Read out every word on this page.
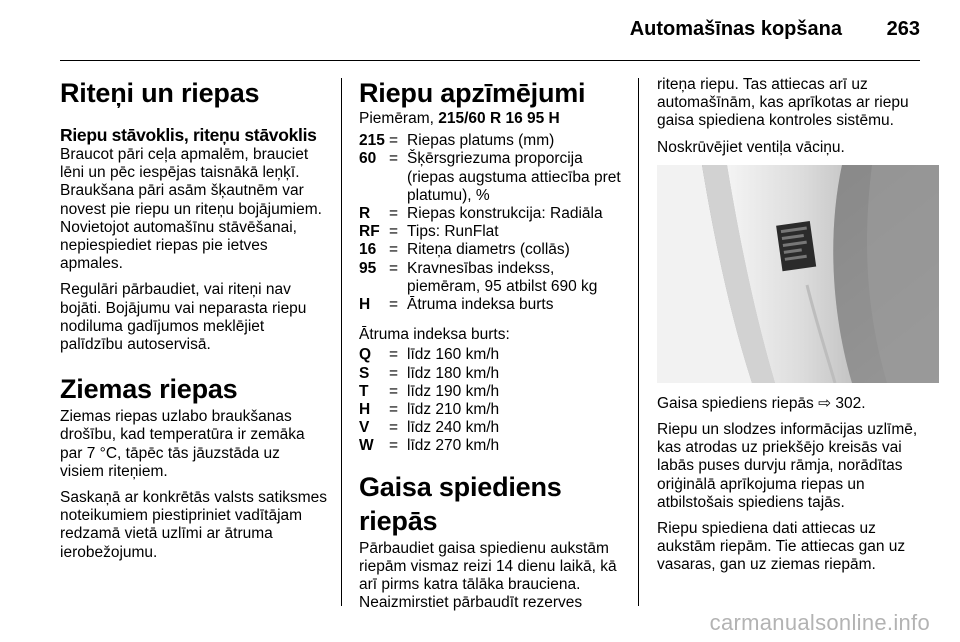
Automašīnas kopšana 263
Riteņi un riepas
Riepu stāvoklis, riteņu stāvoklis

Braucot pāri ceļa apmalēm, brauciet lēni un pēc iespējas taisnākā leņķī. Braukšana pāri asām šķautnēm var novest pie riepu un riteņu bojājumiem. Novietojot automašīnu stāvēšanai, nepiespiediet riepas pie ietves apmales.

Regulāri pārbaudiet, vai riteņi nav bojāti. Bojājumu vai neparasta riepu nodiluma gadījumos meklējiet palīdzību autoservisā.

Ziemas riepas

Ziemas riepas uzlabo braukšanas drošību, kad temperatūra ir zemāka par 7 °C, tāpēc tās jāuzstāda uz visiem riteņiem.

Saskaņā ar konkrētās valsts satiksmes noteikumiem piestipriniet vadītājam redzamā vietā uzlīmi ar ātruma ierobežojumu.

Riepu apzīmējumi

Piemēram, 215/60 R 16 95 H

215	=	Riepas platums (mm)
60	=	Šķērsgriezuma proporcija (riepas augstuma attiecība pret platumu), %
R	=	Riepas konstrukcija: Radiāla
RF	=	Tips: RunFlat
16	=	Riteņa diametrs (collās)
95	=	Kravnesības indekss, piemēram, 95 atbilst 690 kg
H	=	Ātruma indeksa burts

Ātruma indeksa burts:

Q	=	līdz 160 km/h
S	=	līdz 180 km/h
T	=	līdz 190 km/h
H	=	līdz 210 km/h
V	=	līdz 240 km/h
W	=	līdz 270 km/h
Gaisa spiediens riepās

Pārbaudiet gaisa spiedienu aukstām riepām vismaz reizi 14 dienu laikā, kā arī pirms katra tālāka brauciena. Neaizmirstiet pārbaudīt rezerves

riteņa riepu. Tas attiecas arī uz automašīnām, kas aprīkotas ar riepu gaisa spiediena kontroles sistēmu.

Noskrūvējiet ventiļa vāciņu.

Gaisa spiediens riepās ⇨ 302.

Riepu un slodzes informācijas uzlīmē, kas atrodas uz priekšējo kreisās vai labās puses durvju rāmja, norādītas oriģinālā aprīkojuma riepas un atbilstošais spiediens tajās.

Riepu spiediena dati attiecas uz aukstām riepām. Tie attiecas gan uz vasaras, gan uz ziemas riepām.

carmanualsonline.info
